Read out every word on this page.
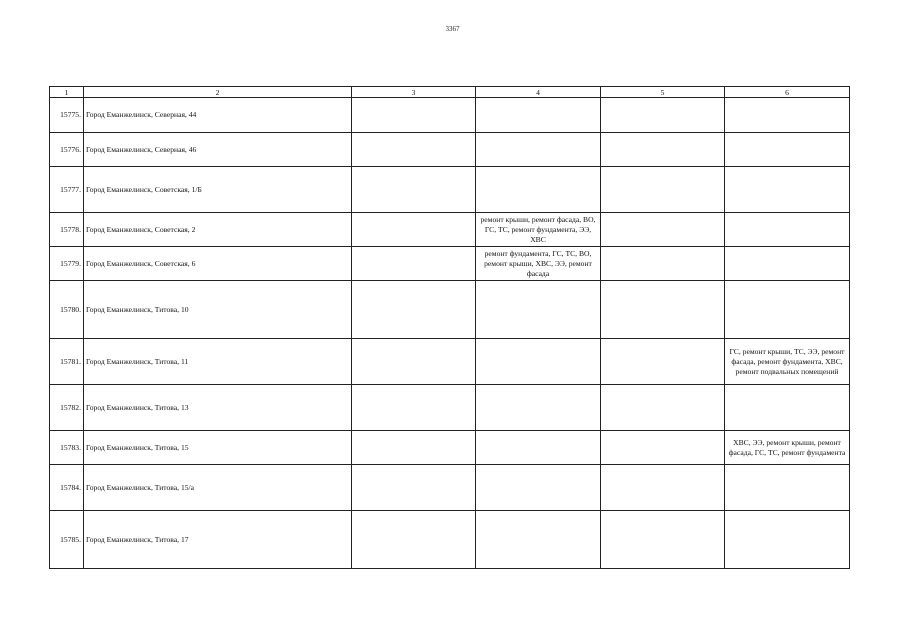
3367
1	2	3	4	5	6
15775.	Город Еманжелинск, Северная, 44				
15776.	Город Еманжелинск, Северная, 46				
15777.	Город Еманжелинск, Советская, 1/Б				
15778.	Город Еманжелинск, Советская, 2		ремонт крыши, ремонт фасада, ВО, ГС, ТС, ремонт фундамента, ЭЭ, ХВС		
15779.	Город Еманжелинск, Советская, 6		ремонт фундамента, ГС, ТС, ВО, ремонт крыши, ХВС, ЭЭ, ремонт фасада		
15780.	Город Еманжелинск, Титова, 10				
15781.	Город Еманжелинск, Титова, 11				ГС, ремонт крыши, ТС, ЭЭ, ремонт фасада, ремонт фундамента, ХВС, ремонт подвальных помещений
15782.	Город Еманжелинск, Титова, 13				
15783.	Город Еманжелинск, Титова, 15				ХВС, ЭЭ, ремонт крыши, ремонт фасада, ГС, ТС, ремонт фундамента
15784.	Город Еманжелинск, Титова, 15/а				
15785.	Город Еманжелинск, Титова, 17				
